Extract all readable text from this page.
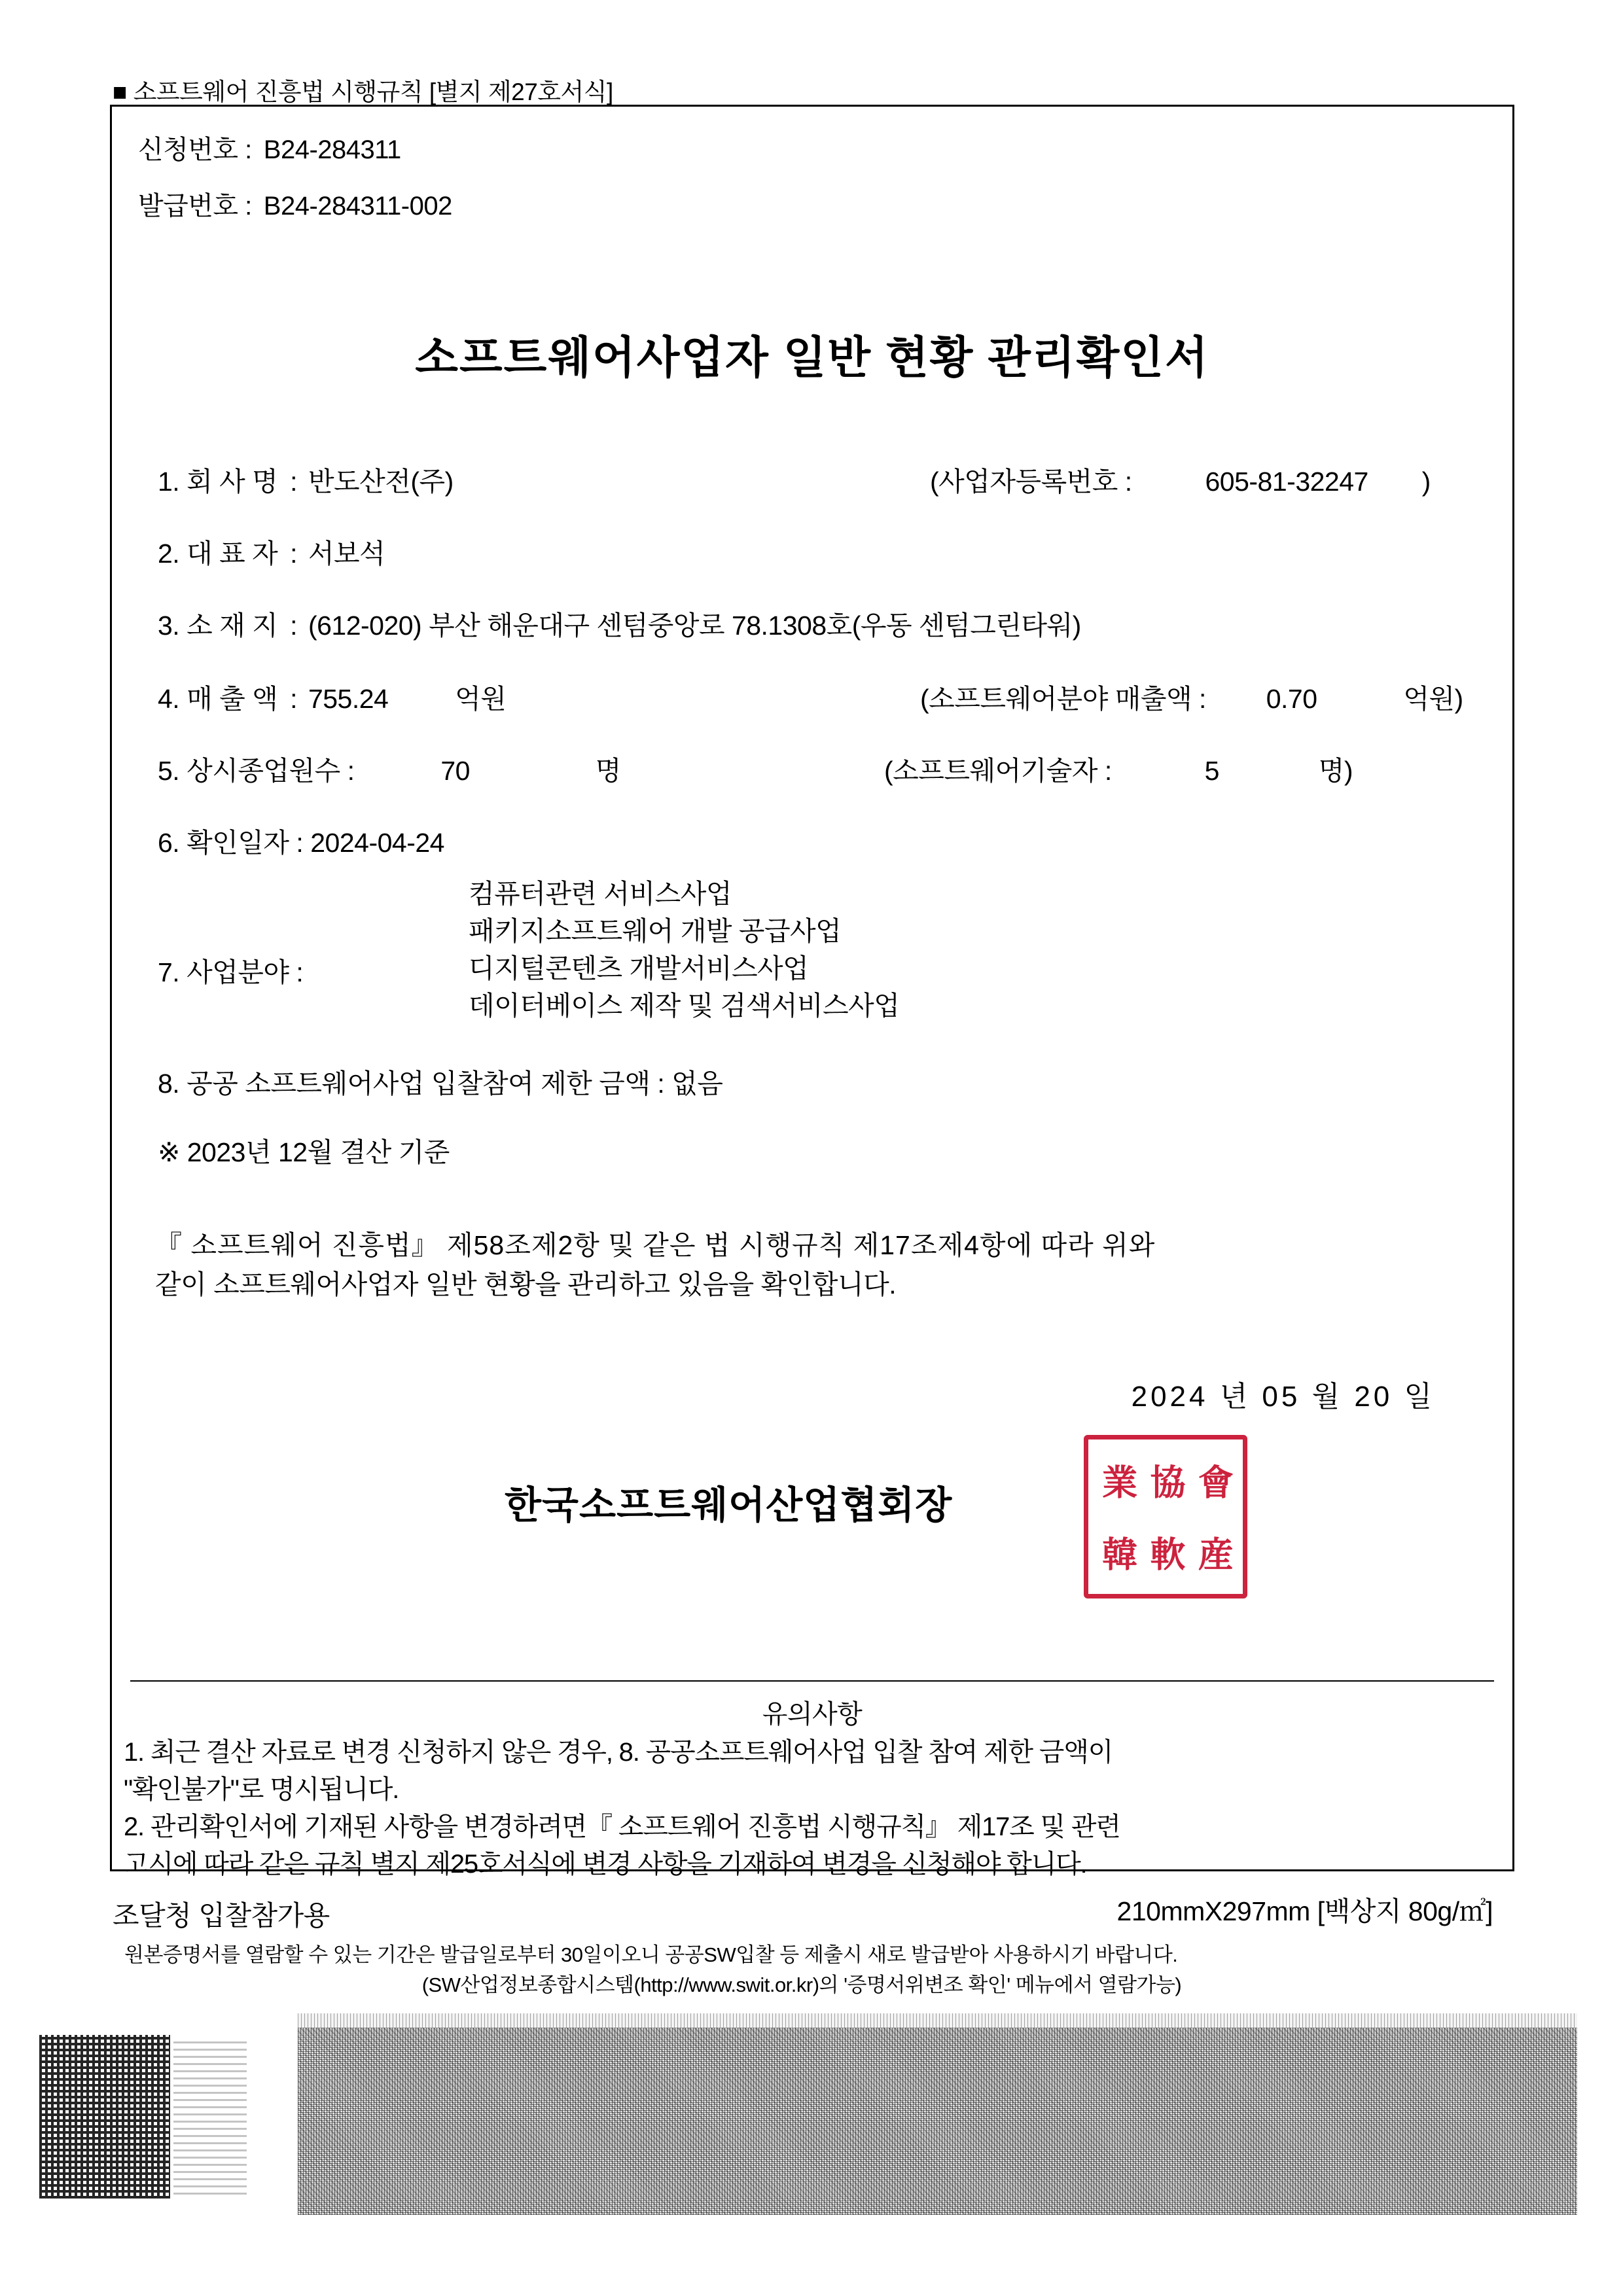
■ 소프트웨어 진흥법 시행규칙 [별지 제27호서식]
신청번호 : B24-284311
발급번호 : B24-284311-002
소프트웨어사업자 일반 현황 관리확인서
1. 회 사 명 : 반도산전(주)	(사업자등록번호 :	605-81-32247 )
2. 대 표 자 : 서보석
3. 소 재 지 : (612-020) 부산 해운대구 센텀중앙로 78.1308호(우동 센텀그린타워)
4. 매 출 액 : 755.24 억원	(소프트웨어분야 매출액 : 0.70	억원)
5. 상시종업원수 :	70	명	(소프트웨어기술자 :	5	명)
6. 확인일자 : 2024-04-24
7. 사업분야 :
컴퓨터관련 서비스사업
패키지소프트웨어 개발 공급사업
디지털콘텐츠 개발서비스사업
데이터베이스 제작 및 검색서비스사업
8. 공공 소프트웨어사업 입찰참여 제한 금액 : 없음
※ 2023년 12월 결산 기준
『 소프트웨어 진흥법』 제58조제2항 및 같은 법 시행규칙 제17조제4항에 따라 위와
같이 소프트웨어사업자 일반 현황을 관리하고 있음을 확인합니다.
2024 년 05 월 20 일
한국소프트웨어산업협회장
業 協 會
韓 軟 産
유의사항
1. 최근 결산 자료로 변경 신청하지 않은 경우, 8. 공공소프트웨어사업 입찰 참여 제한 금액이
"확인불가"로 명시됩니다.
2. 관리확인서에 기재된 사항을 변경하려면『 소프트웨어 진흥법 시행규칙』 제17조 및 관련
고시에 따라 같은 규칙 별지 제25호서식에 변경 사항을 기재하여 변경을 신청해야 합니다.
210mmX297mm [백상지 80g/㎡]
조달청 입찰참가용
원본증명서를 열람할 수 있는 기간은 발급일로부터 30일이오니 공공SW입찰 등 제출시 새로 발급받아 사용하시기 바랍니다.
(SW산업정보종합시스템(http://www.swit.or.kr)의 '증명서위변조 확인' 메뉴에서 열람가능)
